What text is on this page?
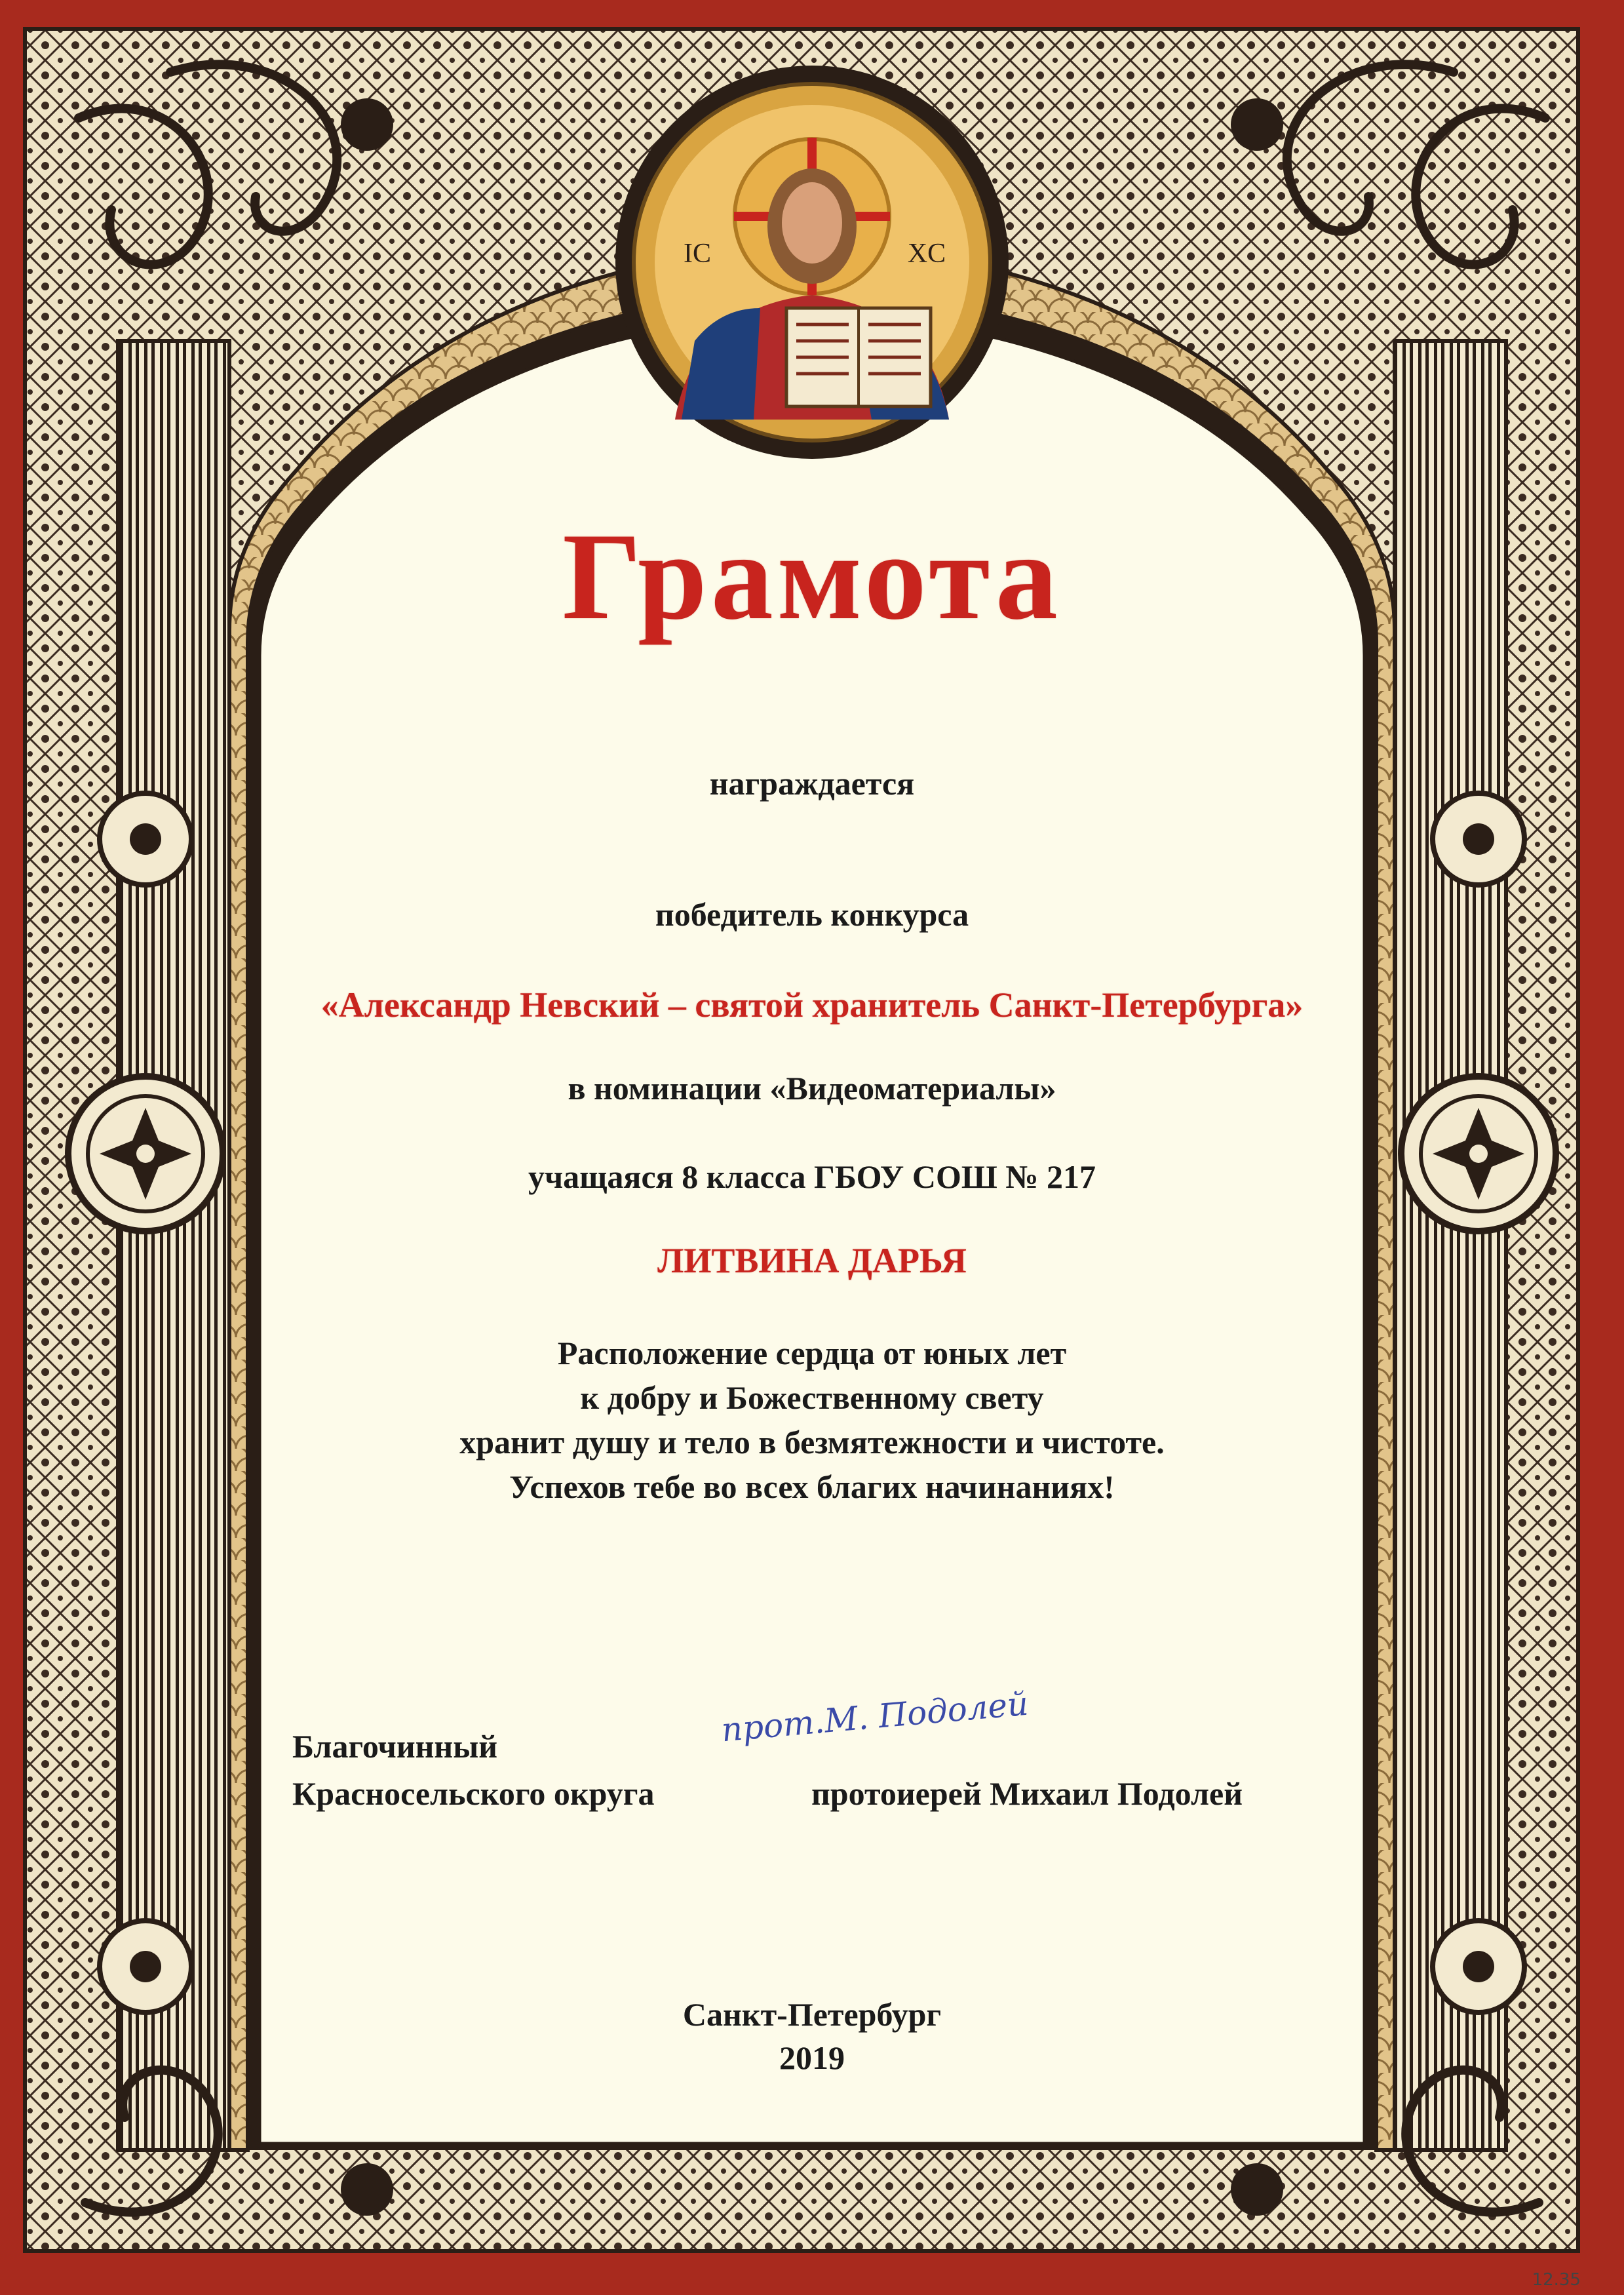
IC	XC
Грамота
награждается
победитель конкурса
«Александр Невский – святой хранитель Санкт-Петербурга»
в номинации «Видеоматериалы»
учащаяся 8 класса ГБОУ СОШ № 217
ЛИТВИНА ДАРЬЯ
Расположение сердца от юных лет
к добру и Божественному свету
хранит душу и тело в безмятежности и чистоте.
Успехов тебе во всех благих начинаниях!
прот.М. Подолей
Благочинный
Красносельского округа	протоиерей Михаил Подолей
Санкт-Петербург
2019
12.35
